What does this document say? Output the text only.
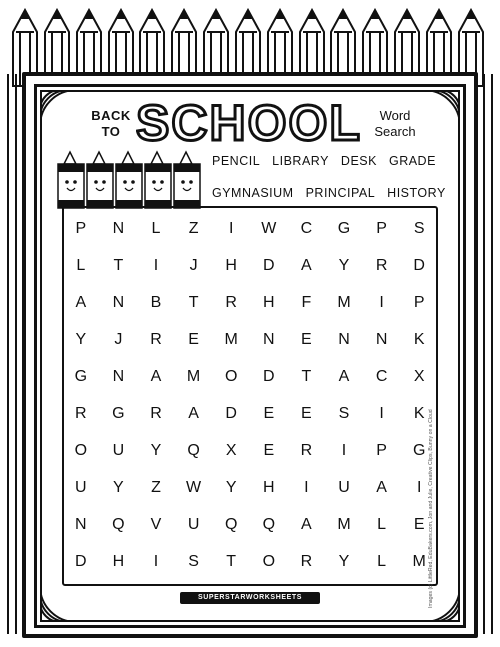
BACK TO SCHOOL	Word Search
PENCIL LIBRARY DESK GRADE
GYMNASIUM PRINCIPAL HISTORY
P	N	L	Z	I	W	C	G	P	S
L	T	I	J	H	D	A	Y	R	D
A	N	B	T	R	H	F	M	I	P
Y	J	R	E	M	N	E	N	N	K
G	N	A	M	O	D	T	A	C	X
R	G	R	A	D	E	E	S	I	K
O	U	Y	Q	X	E	R	I	P	G
U	Y	Z	W	Y	H	I	U	A	I
N	Q	V	U	Q	Q	A	M	L	E
D	H	I	S	T	O	R	Y	L	M
SUPERSTARWORKSHEETS	Images (c) LittleRed, EduBakers.com, Jon and Julie, Creative Clips, Bunny on a Cloud
